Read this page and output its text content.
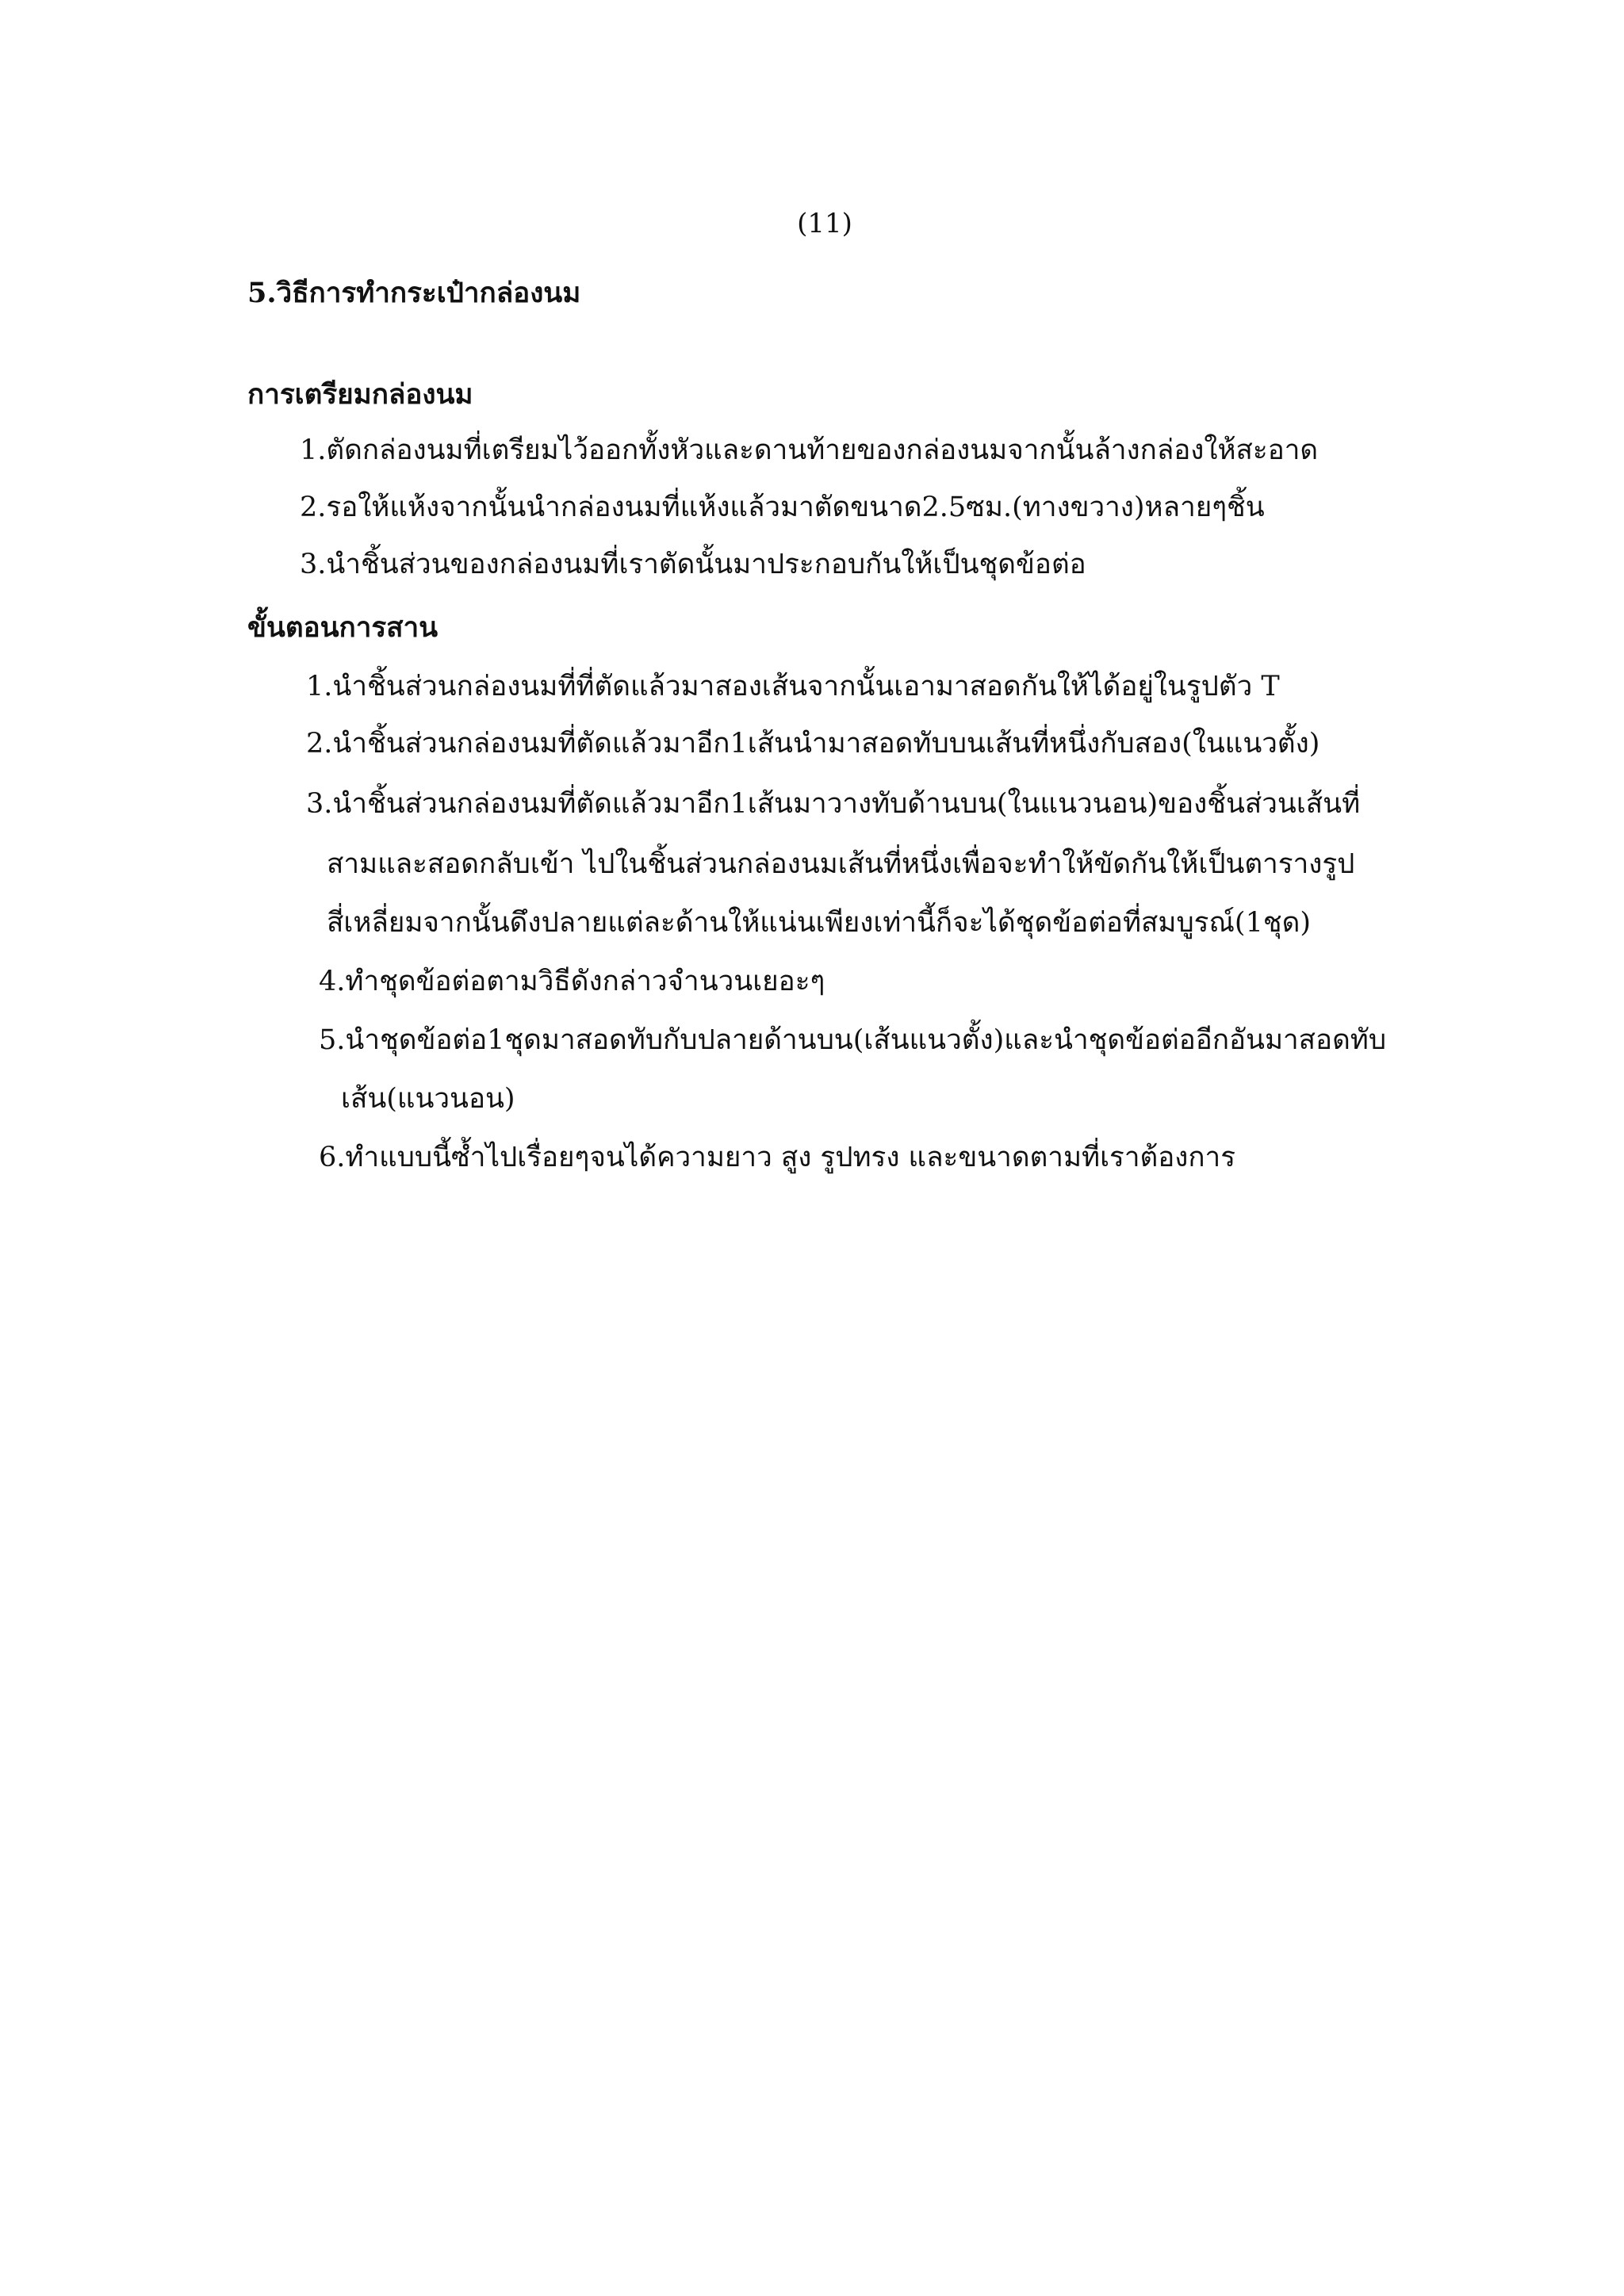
(11)
5.วิธีการทำกระเป๋ากล่องนม
การเตรียมกล่องนม
1.ตัดกล่องนมที่เตรียมไว้ออกทั้งหัวและดานท้ายของกล่องนมจากนั้นล้างกล่องให้สะอาด
2.รอให้แห้งจากนั้นนำกล่องนมที่แห้งแล้วมาตัดขนาด2.5ซม.(ทางขวาง)หลายๆชิ้น
3.นำชิ้นส่วนของกล่องนมที่เราตัดนั้นมาประกอบกันให้เป็นชุดข้อต่อ
ขั้นตอนการสาน
1.นำชิ้นส่วนกล่องนมที่ที่ตัดแล้วมาสองเส้นจากนั้นเอามาสอดกันให้ได้อยู่ในรูปตัว T
2.นำชิ้นส่วนกล่องนมที่ตัดแล้วมาอีก1เส้นนำมาสอดทับบนเส้นที่หนึ่งกับสอง(ในแนวตั้ง)
3.นำชิ้นส่วนกล่องนมที่ตัดแล้วมาอีก1เส้นมาวางทับด้านบน(ในแนวนอน)ของชิ้นส่วนเส้นที่
สามและสอดกลับเข้า ไปในชิ้นส่วนกล่องนมเส้นที่หนึ่งเพื่อจะทำให้ขัดกันให้เป็นตารางรูป
สี่เหลี่ยมจากนั้นดึงปลายแต่ละด้านให้แน่นเพียงเท่านี้ก็จะได้ชุดข้อต่อที่สมบูรณ์(1ชุด)
4.ทำชุดข้อต่อตามวิธีดังกล่าวจำนวนเยอะๆ
5.นำชุดข้อต่อ1ชุดมาสอดทับกับปลายด้านบน(เส้นแนวตั้ง)และนำชุดข้อต่ออีกอันมาสอดทับ
เส้น(แนวนอน)
6.ทำแบบนี้ซ้ำไปเรื่อยๆจนได้ความยาว สูง รูปทรง และขนาดตามที่เราต้องการ
